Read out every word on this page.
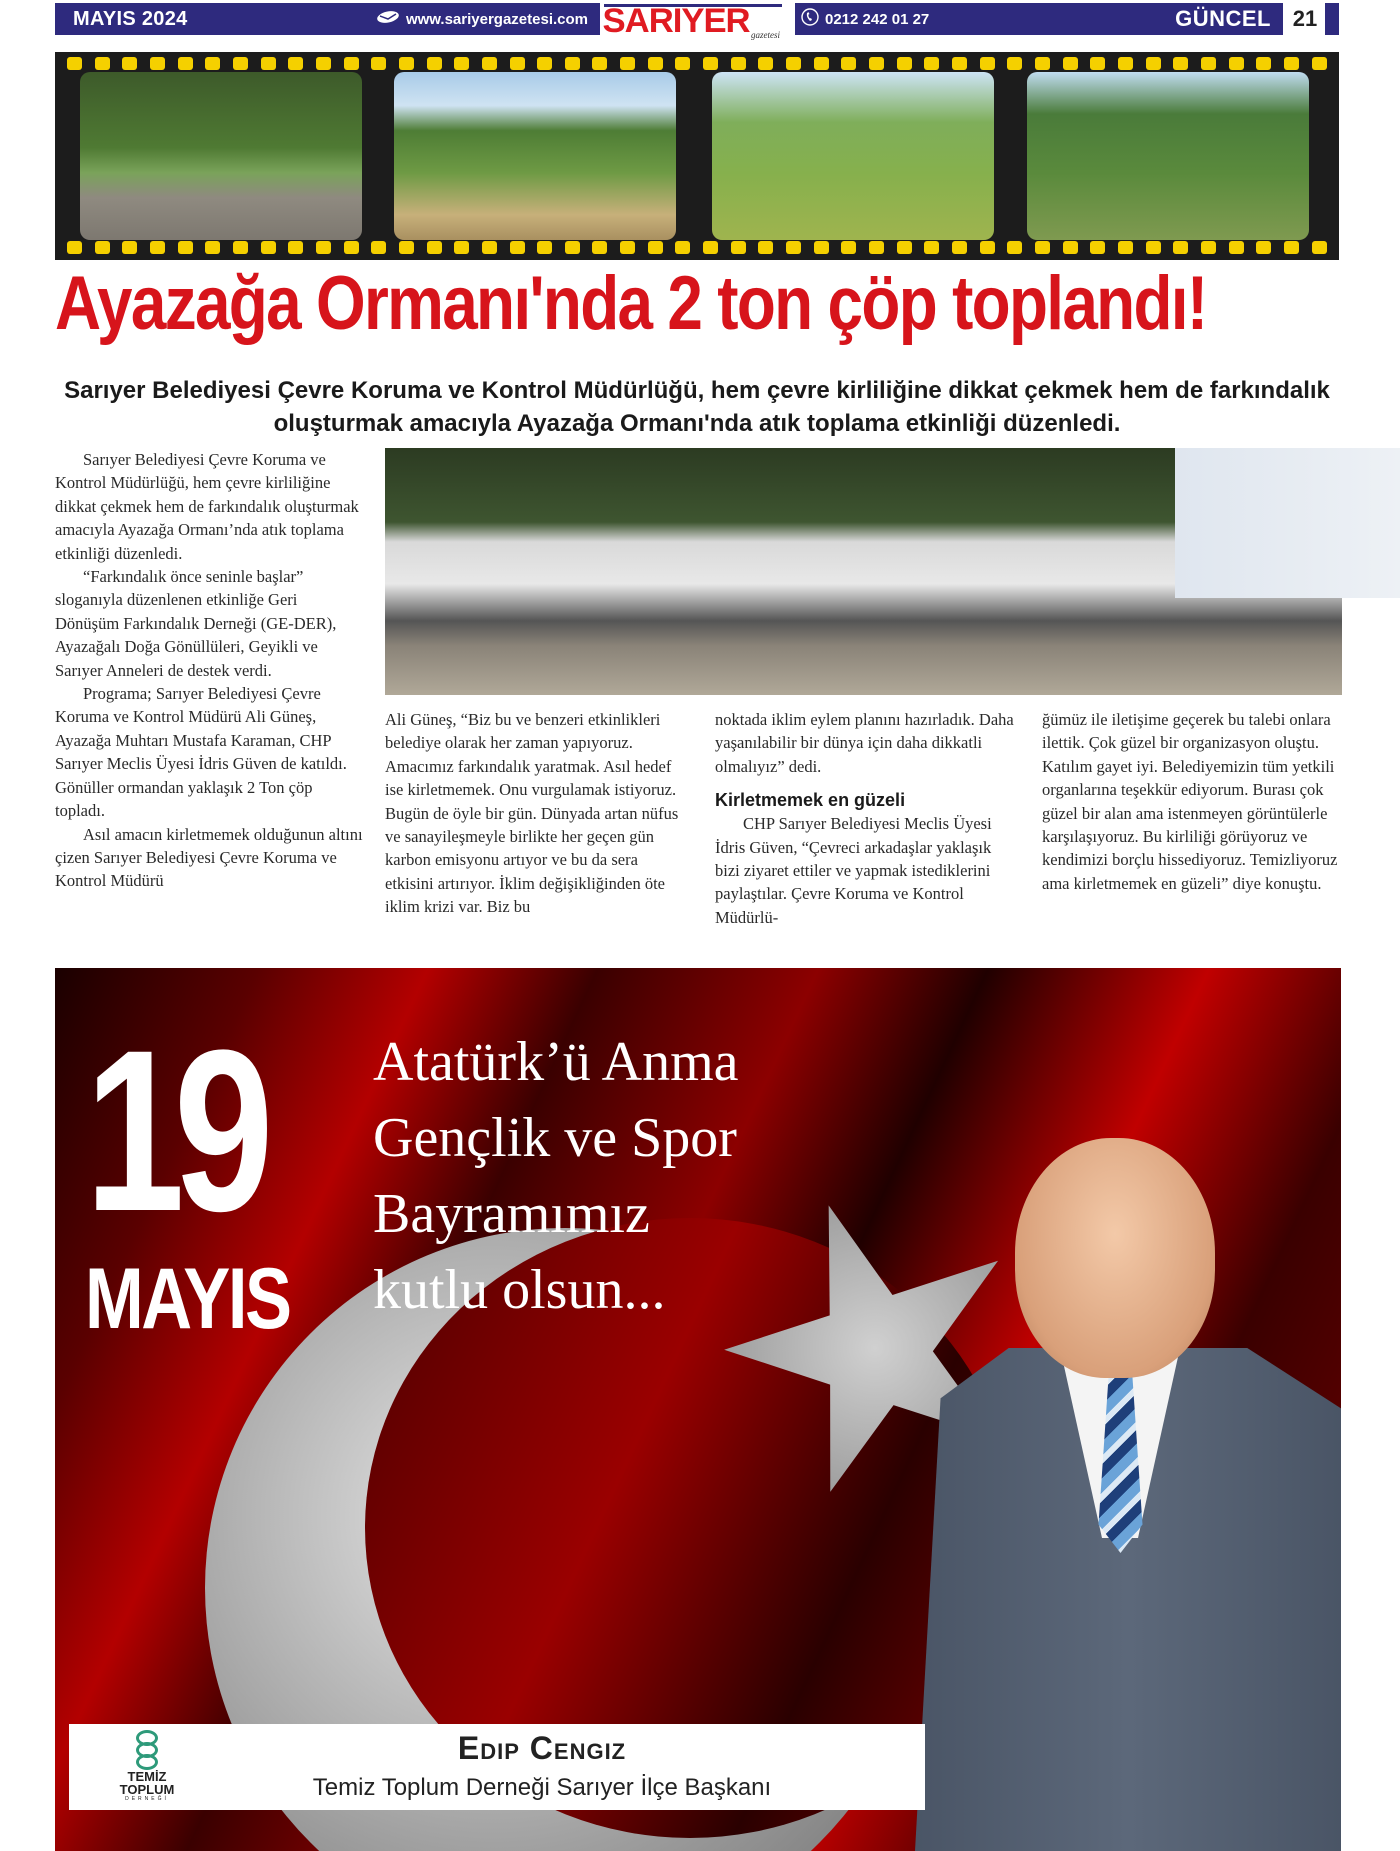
MAYIS 2024	www.sariyergazetesi.com SARIYER gazetesi
0212 242 01 27	GÜNCEL 21
Ayazağa Ormanı'nda 2 ton çöp toplandı!
Sarıyer Belediyesi Çevre Koruma ve Kontrol Müdürlüğü, hem çevre kirliliğine dikkat çekmek hem de farkındalık oluşturmak amacıyla Ayazağa Ormanı'nda atık toplama etkinliği düzenledi.

Sarıyer Belediyesi Çevre Koruma ve Kontrol Müdürlüğü, hem çevre kirliliğine dikkat çekmek hem de farkındalık oluşturmak amacıyla Ayazağa Ormanı’nda atık toplama etkinliği düzenledi.

“Farkındalık önce seninle başlar” sloganıyla düzenlenen etkinliğe Geri Dönüşüm Farkındalık Derneği (GE-DER), Ayazağalı Doğa Gönüllüleri, Geyikli ve Sarıyer Anneleri de destek verdi.

Programa; Sarıyer Belediyesi Çevre Koruma ve Kontrol Müdürü Ali Güneş, Ayazağa Muhtarı Mustafa Karaman, CHP Sarıyer Meclis Üyesi İdris Güven de katıldı. Gönüller ormandan yaklaşık 2 Ton çöp topladı.

Asıl amacın kirletmemek olduğunun altını çizen Sarıyer Belediyesi Çevre Koruma ve Kontrol Müdürü

Ali Güneş, “Biz bu ve benzeri etkinlikleri belediye olarak her zaman yapıyoruz. Amacımız farkındalık yaratmak. Asıl hedef ise kirletmemek. Onu vurgulamak istiyoruz. Bugün de öyle bir gün. Dünyada artan nüfus ve sanayileşmeyle birlikte her geçen gün karbon emisyonu artıyor ve bu da sera etkisini artırıyor. İklim değişikliğinden öte iklim krizi var. Biz bu

noktada iklim eylem planını hazırladık. Daha yaşanılabilir bir dünya için daha dikkatli olmalıyız” dedi.

Kirletmemek en güzeli

CHP Sarıyer Belediyesi Meclis Üyesi İdris Güven, “Çevreci arkadaşlar yaklaşık bizi ziyaret ettiler ve yapmak istediklerini paylaştılar. Çevre Koruma ve Kontrol Müdürlü-

ğümüz ile iletişime geçerek bu talebi onlara ilettik. Çok güzel bir organizasyon oluştu. Katılım gayet iyi. Belediyemizin tüm yetkili organlarına teşekkür ediyorum. Burası çok güzel bir alan ama istenmeyen görüntülerle karşılaşıyoruz. Bu kirliliği görüyoruz ve kendimizi borçlu hissediyoruz. Temizliyoruz ama kirletmemek en güzeli” diye konuştu.

19
MAYIS
Atatürk’ü Anma
Gençlik ve Spor
Bayramımız
kutlu olsun...
TEMİZ
TOPLUM
DERNEĞİ
Edip Cengiz
Temiz Toplum Derneği Sarıyer İlçe Başkanı
